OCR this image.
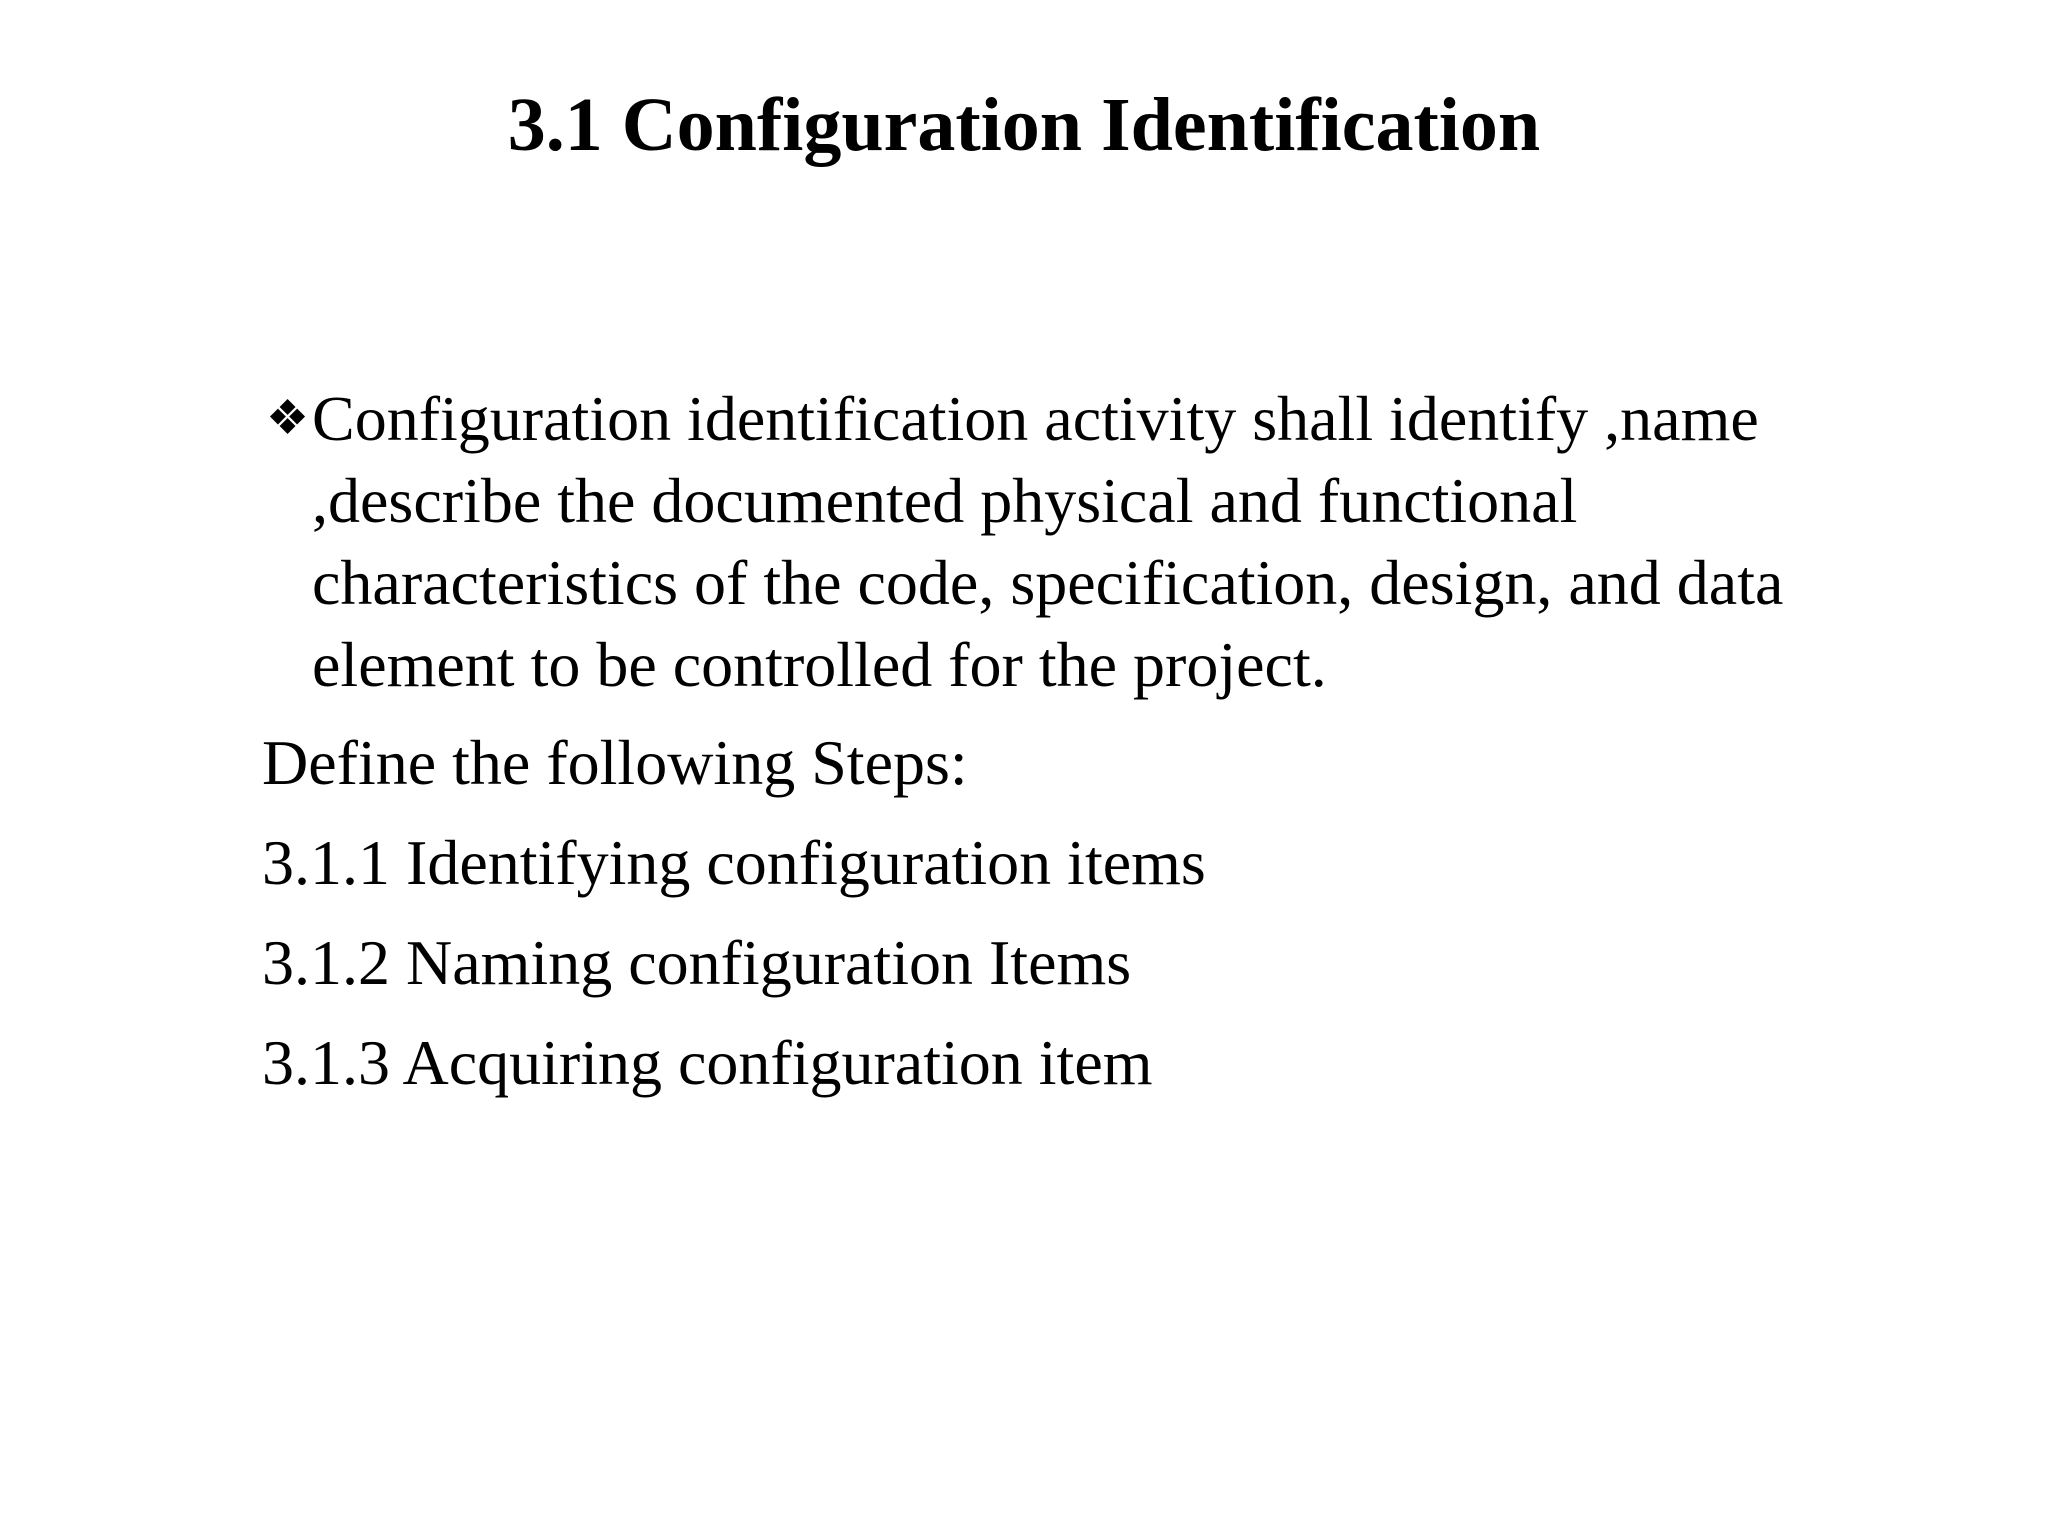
3.1 Configuration Identification

❖ Configuration identification activity shall identify ,name ,describe the documented physical and functional characteristics of the code, specification, design, and data element to be controlled for the project.

Define the following Steps:

3.1.1 Identifying configuration items

3.1.2 Naming configuration Items

3.1.3 Acquiring configuration item
